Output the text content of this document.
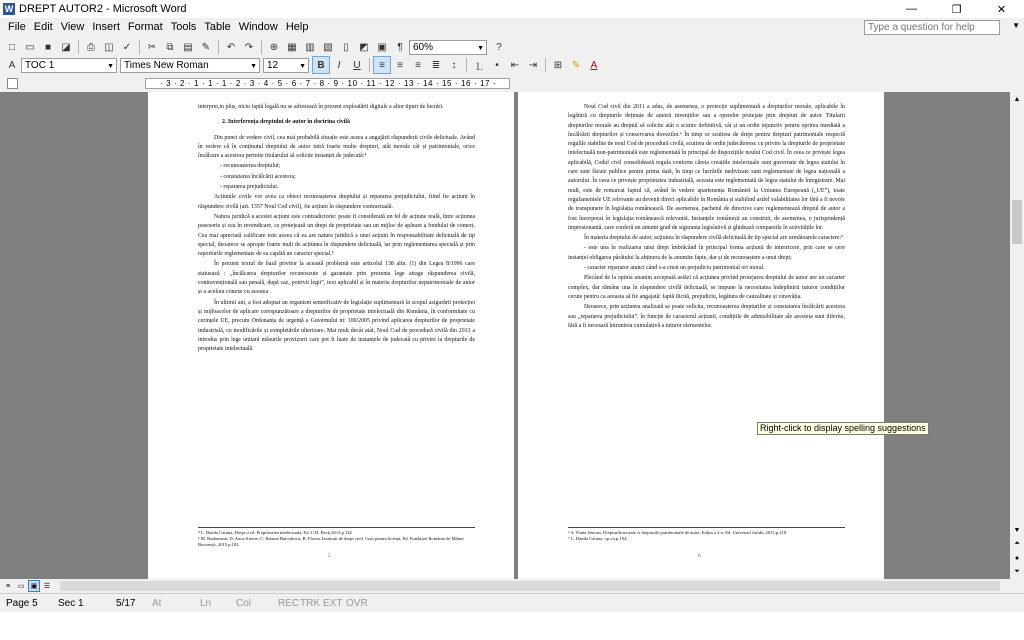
W DREPT AUTOR2 - Microsoft Word	—	❐	✕
File Edit View Insert Format Tools Table Window Help
Type a question for help	▼
□	▭	■	◪	⎙ ◫ ✓	✂	⧉ ▤ ✎	↶ ↷	⊕ ▦ ▥ ▧	▯	◩ ▣	¶	60%	▼	?
A TOC 1	▼	Times New Roman	▼	12	▼	B	I	U	≡	≡	≡	≣	↕	⒈	•	⇤ ⇥	⊞ ✎	A
· 3 · 2 · 1 · 1 · 1 · 2 · 3 · 4 · 5 · 6 · 7 · 8 · 9 · 10 · 11 · 12 · 13 · 14 · 15 · 16 · 17 ·

interpret,in plus, nicio faptă legală nu se adresează în prezent exploatării digitale a altor tipuri de lucrări.

2. Interferența dreptului de autor în doctrina civilă

Din punct de vedere civil, cea mai probabilă situație este aceea a angajării răspunderii civile delictuale. Având în vedere că în conținutul dreptului de autor intră foarte multe drepturi, atât morale cât și patrimoniale, orice încălcare a acestora permite titularului să solicite instanței de judecată:⁴

- recunoașterea dreptului;

- constatarea încălcării acestora;

- repararea prejudiciului.

Acțiunile civile vor avea ca obiect recunoașterea dreptului și repararea prejudiciului, fiind fie acțiuni în răspundere civilă (art. 1357 Noul Cod civil), fie acțiuni în răspundere contractuală.

Natura juridică a acestei acțiuni este contradictorie: poate fi considerată un fel de acțiune reală, între acțiunea posesorie și cea în revendicare, ce protejează un drept de proprietate sau un mijloc de apărare a fondului de comerț. Cea mai apreciată calificare este aceea că ea are natura juridică a unei acțiuni în responsabilitate delictuală de tip special, deoarece se apropie foarte mult de acțiunea în răspundere delictuală, iar prin reglementarea specială și prin raporturile reglementate de ea capătă un caracter special.⁵

În prezent textul de bază privitor la această problemă este articolul 138 alin. (1) din Legea 8/1996 care statuează : „încălcarea drepturilor recunoscute și garantate prin prezenta lege atrage răspunderea civilă, contravențională sau penală, după caz, potrivit legii”, text aplicabil și în materia drepturilor nepatrimoniale de autor și a acelora conexe cu acestea .

În ultimii ani, a fost adoptat un organism semnificativ de legislație suplimentară în scopul asigurării protecției și mijloacelor de aplicare corespunzătoare a drepturilor de proprietate intelectuală din România, în conformitate cu cerințele UE, precum Ordonanța de urgență a Guvernului nr. 100/2005 privind aplicarea drepturilor de proprietate industrială, cu modificările și completările ulterioare. Mai mult decât atât, Noul Cod de procedură civilă din 2013 a introdus prin lege unitară măsurile provizorii care pot fi luate de instanțele de judecată cu privire la drepturile de proprietate intelectuală.

⁴ L. Danila Catuna, Drept civil. Proprietatea intelectuala, Ed. C.H. Beck,2013,p.142
⁵ M. Rudareanu, D. Anca Artene, C. Ramon Butculescu, B. Florea, Instituții de drept civil. Curs pentru licență, Ed. Fundației România de Mâine, București, 2015,p.182.
5

Noul Cod civil din 2011 a adus, de asemenea, o protecție suplimentară a drepturilor morale, aplicabile în legătură cu drepturile deținute de autorii invențiilor sau a operelor protejate prin drepturi de autor. Titularii drepturilor morale au dreptul să solicite atât o scutire definitivă, cât și un ordin injunctiv pentru oprirea imediată a încălcării drepturilor și conservarea dovezilor.⁶ În timp ce scutirea de drept pentru drepturi patrimoniale respectă regulile stabilite de noul Cod de procedură civilă, scutirea de ordin judecătoresc cu privire la drepturile de proprietate intelectuală non-patrimonială este reglementată în principal de dispozițiile noului Cod civil. În ceea ce privește legea aplicabilă, Codul civil consolidează regula conform căreia creațiile intelectuale sunt guvernate de legea statului în care sunt făcute publice pentru prima dată, în timp ce lucrările nedivizate sunt reglementate de legea națională a autorului. În ceea ce privește proprietatea industrială, aceasta este reglementată de legea statului de înregistrare. Mai mult, este de remarcat faptul că, având în vedere apartenența României la Uniunea Europeană („UE”), toate regulamentele UE relevante au devenit direct aplicabile în România și stabilind astfel valabilitatea lor fără a fi nevoie de transpunere în legislația românească. De asemenea, pachetul de directive care reglementează dreptul de autor a fost încorporat în legislația românească relevantă. Instanțele românești au construit, de asemenea, o jurisprudență impresionantă, care conferă un amunit grad de siguranța legislativă și ghidează companiile în activitățile lor.

În materia dreptului de autor, acțiunea în răspundere civilă delictuală de tip special are următoarele caractere:⁷

- este una în realizarea unui drept îmbrăcând în principal forma acțiunii de interzicere, prin care se cere instanței obligarea pârâtului la abținera de la anumite fapte, dar și de recunoaștere a unui drept;

- caracter reparator atunci când s-a creat un prejudiciu patrimonial ori moral.

Plecând de la opinia unanim acceptată astăzi că acțiunea privind protejarea dreptului de autor are un cacarter complex, dar rămâne una în răspundere civilă delictuală, se impune la necesitatea îndeplinirii tuturor condițiilor cerute pentru ca aceasta să fie angajată: faptă ilicită, prejudiciu, legătura de cauzalitate și vinovăția.

Deoarece, prin acțiunea analizată se poate solicita, recunoașterea drepturilor și constatarea încălcării acestora sau „repararea prejudiciului”, în funcție de caracterul acțiunii, condițiile de admisibilitate ale acesteia sunt diferite, fără a fi necesară întrunirea cumulativă a tuturor elementelor.

⁶ A. Paula Seucan, Drepturile morale ci drepturile patrimoniale de autor. Ediția a 2-a, Ed. Universul Juridic,2015,p.218.
⁷ L. Danila Catuna, op.cit,p.194.
6
Right-click to display spelling suggestions
▲
▼
⏶
●
⏷
≡	▭ ▣ ☰
Page 5 Sec 1	5/17 At	Ln Col	REC TRK EXT OVR
